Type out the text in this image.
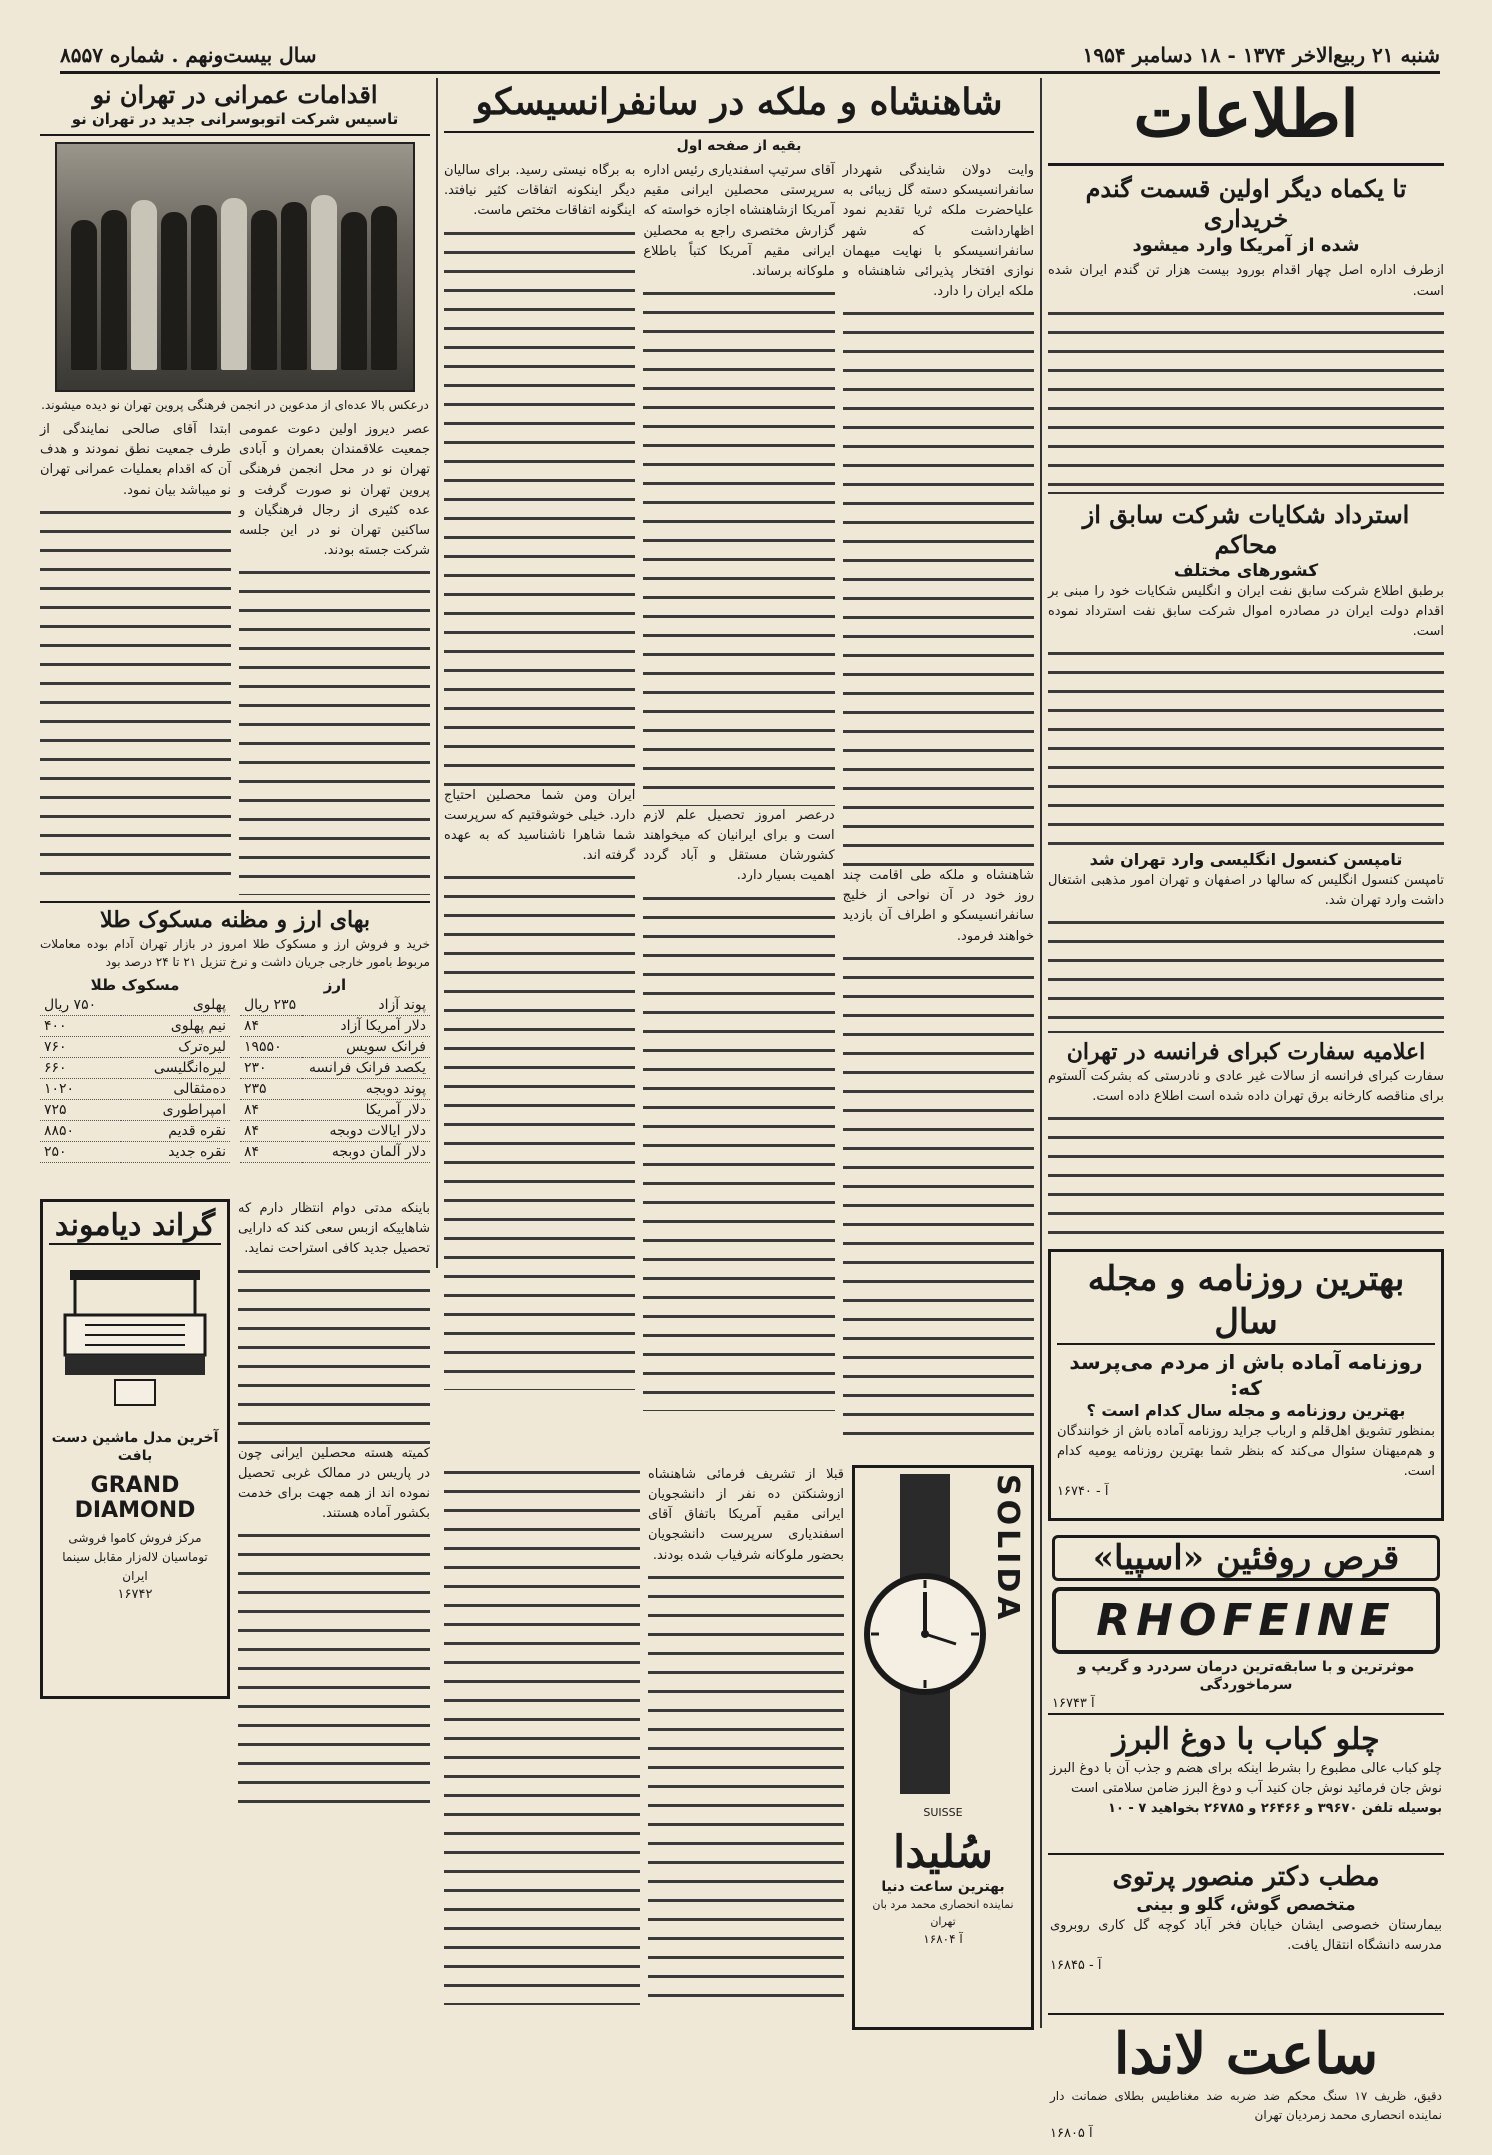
شنبه ۲۱ ربیع‌الاخر ۱۳۷۴ - ۱۸ دسامبر ۱۹۵۴
سال بیست‌ونهم . شماره ۸۵۵۷
اطلاعات
تا یکماه دیگر اولین قسمت گندم خریداری
شده از آمریکا وارد میشود
ازطرف اداره اصل چهار اقدام بورود بیست هزار تن گندم ایران شده است.
استرداد شکایات شرکت سابق از محاکم
کشورهای مختلف
برطبق اطلاع شرکت سابق نفت ایران و انگلیس شکایات خود را مبنی بر اقدام دولت ایران در مصادره اموال شرکت سابق نفت استرداد نموده است.
تامپسن کنسول انگلیسی وارد تهران شد
تامپسن کنسول انگلیس که سالها در اصفهان و تهران امور مذهبی اشتغال داشت وارد تهران شد.
اعلامیه سفارت کبرای فرانسه در تهران
سفارت کبرای فرانسه از سالات غیر عادی و نادرستی که بشرکت آلستوم برای مناقصه کارخانه برق تهران داده شده است اطلاع داده است.
بهترین روزنامه و مجله سال
روزنامه آماده باش از مردم می‌پرسد که:
بهترین روزنامه و مجله سال کدام است ؟
بمنظور تشویق اهل‌قلم و ارباب جراید روزنامه آماده باش از خوانندگان و هم‌میهنان سئوال می‌کند که بنظر شما بهترین روزنامه یومیه کدام است.
آ - ۱۶۷۴۰
قرص روفئین «اسپیا»
RHOFEINE
موثرترین و با سابقه‌ترین درمان سردرد و گریپ و سرماخوردگی
آ ۱۶۷۴۳
چلو کباب با دوغ البرز
چلو کباب عالی مطبوع را بشرط اینکه برای هضم و جذب آن با دوغ البرز نوش جان فرمائید نوش جان کنید آب و دوغ البرز ضامن سلامتی است
بوسیله تلفن ۳۹۶۷۰ و ۲۶۴۶۶ و ۲۶۷۸۵ بخواهید ۷ - ۱۰
مطب دکتر منصور پرتوی
متخصص گوش، گلو و بینی
بیمارستان خصوصی ایشان خیابان فخر آباد کوچه گل کاری روبروی مدرسه دانشگاه انتقال یافت.
آ - ۱۶۸۴۵
ساعت لاندا
دقیق، ظریف ۱۷ سنگ محکم ضد ضربه ضد مغناطیس بطلای ضمانت دار نماینده انحصاری محمد زمردیان تهران
آ ۱۶۸۰۵
شاهنشاه و ملکه در سانفرانسیسکو
بقیه از صفحه اول
وایت دولان شایندگی شهردار سانفرانسیسکو دسته گل زیبائی به علیاحضرت ملکه ثریا تقدیم نمود اظهارداشت که شهر سانفرانسیسکو با نهایت میهمان نوازی افتخار پذیرائی شاهنشاه و ملکه ایران را دارد.
شاهنشاه و ملکه طی اقامت چند روز خود در آن نواحی از خلیج سانفرانسیسکو و اطراف آن بازدید خواهند فرمود.
آقای سرتیپ اسفندیاری رئیس اداره سرپرستی محصلین ایرانی مقیم آمریکا ازشاهنشاه اجازه خواسته که گزارش مختصری راجع به محصلین ایرانی مقیم آمریکا کتباً باطلاع ملوکانه برساند.
درعصر امروز تحصیل علم لازم است و برای ایرانیان که میخواهند کشورشان مستقل و آباد گردد اهمیت بسیار دارد.
به برگاه نیستی رسید. برای سالیان دیگر اینکونه اتفاقات کثیر نیافتد. اینگونه اتفاقات مختص ماست.
ایران ومن شما محصلین احتیاج دارد. خیلی خوشوقتیم که سرپرست شما شاهرا ناشناسید که به عهده گرفته اند.
قبلا از تشریف فرمائی شاهنشاه ازوشنکتن ده نفر از دانشجویان ایرانی مقیم آمریکا باتفاق آقای اسفندیاری سرپرست دانشجویان بحضور ملوکانه شرفیاب شده بودند.	SOLIDA
SUISSE
سُلیدا
بهترین ساعت دنیا
نماینده انحصاری محمد مرد بان تهران
آ ۱۶۸۰۴
اقدامات عمرانی در تهران نو
تاسیس شرکت اتوبوسرانی جدید در تهران نو
درعکس بالا عده‌ای از مدعوین در انجمن فرهنگی پروین تهران نو دیده میشوند.
عصر دیروز اولین دعوت عمومی جمعیت علاقمندان بعمران و آبادی تهران نو در محل انجمن فرهنگی پروین تهران نو صورت گرفت و عده کثیری از رجال فرهنگیان و ساکنین تهران نو در این جلسه شرکت جسته بودند.
ابتدا آقای صالحی نمایندگی از طرف جمعیت نطق نمودند و هدف آن که اقدام بعملیات عمرانی تهران نو میباشد بیان نمود.
بهای ارز و مظنه مسکوک طلا
خرید و فروش ارز و مسکوک طلا امروز در بازار تهران آدام بوده معاملات مربوط بامور خارجی جریان داشت و نرخ تنزیل ۲۱ تا ۲۴ درصد بود
ارز
پوند آزاد	۲۳۵ ریال
دلار آمریکا آزاد	۸۴
فرانک سویس	۱۹۵۵۰
یکصد فرانک فرانسه	۲۳۰
پوند دوبجه	۲۳۵
دلار آمریکا	۸۴
دلار ایالات دوبجه	۸۴
دلار آلمان دوبجه	۸۴
مسکوک طلا
پهلوی	۷۵۰ ریال
نیم پهلوی	۴۰۰
لیره‌ترک	۷۶۰
لیره‌انگلیسی	۶۶۰
ده‌مثقالی	۱۰۲۰
امپراطوری	۷۲۵
نقره قدیم	۸۸۵۰
نقره جدید	۲۵۰
باینکه مدتی دوام انتظار دارم که شاهاییکه ازبس سعی کند که دارایی تحصیل جدید کافی استراحت نماید.
کمیته هسته محصلین ایرانی چون در پاریس در ممالک غربی تحصیل نموده اند از همه جهت برای خدمت بکشور آماده هستند.
گراند دیاموند
آخرین مدل ماشین دست بافت
GRAND DIAMOND
مرکز فروش کاموا فروشی توماسیان لاله‌زار مقابل سینما ایران
۱۶۷۴۲
